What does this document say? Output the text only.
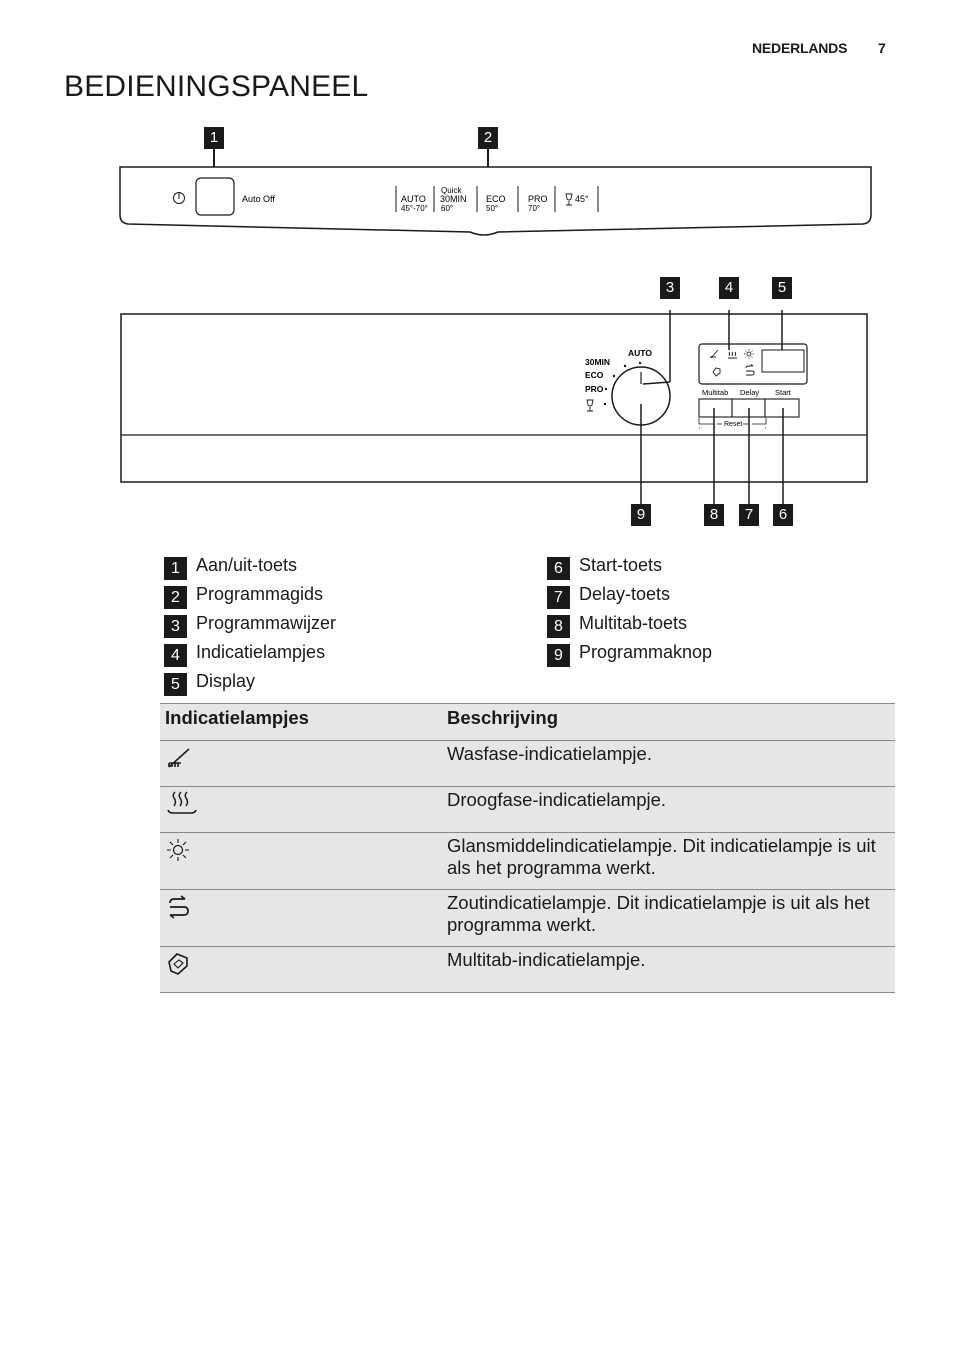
NEDERLANDS 7
BEDIENINGSPANEEL
1	2
Auto Off	AUTO
45°-70°
Quick
30MIN
60°
ECO
50°
PRO
70°
45°
3	4	5
9	8	7	6
AUTO
30MIN
ECO
PRO	Multitab Delay Start
Reset
1 Aan/uit-toets
2 Programmagids
3 Programmawijzer
4 Indicatielampjes
5 Display
6 Start-toets
7 Delay-toets
8 Multitab-toets
9 Programmaknop
Indicatielampjes	Beschrijving
	Wasfase-indicatielampje.
	Droogfase-indicatielampje.
	Glansmiddelindicatielampje. Dit indicatielampje is uit als het programma werkt.
	Zoutindicatielampje. Dit indicatielampje is uit als het programma werkt.
	Multitab-indicatielampje.
